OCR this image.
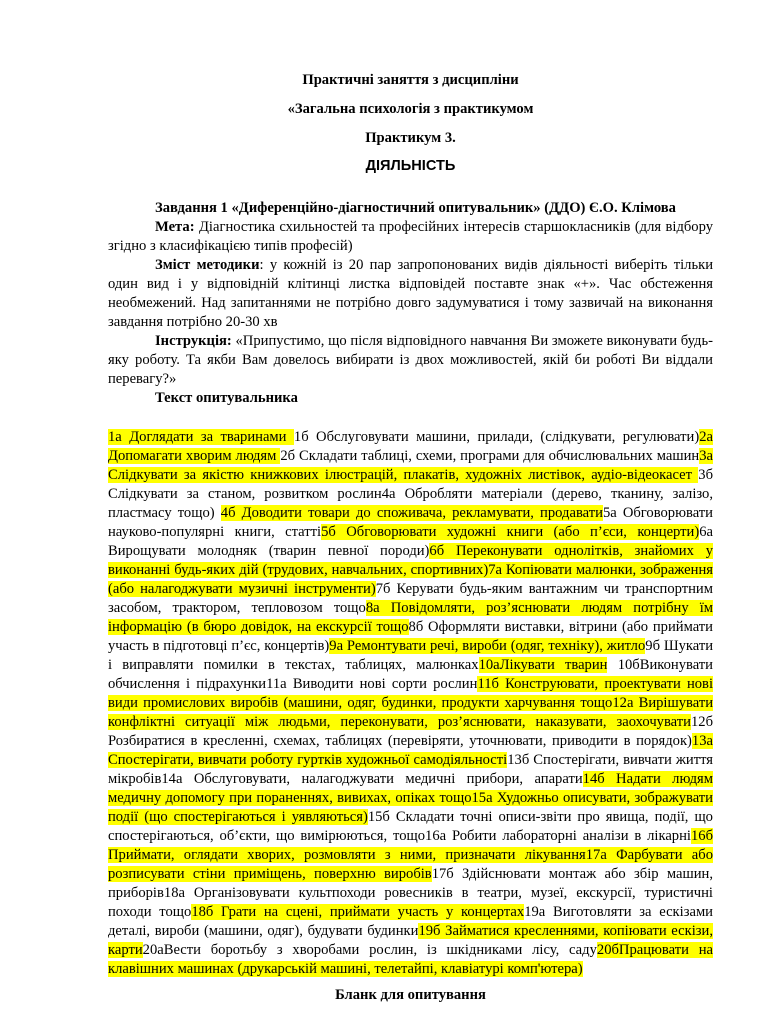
Практичні заняття з дисципліни
«Загальна психологія з практикумом
Практикум 3.
ДІЯЛЬНІСТЬ
Завдання 1 «Диференційно-діагностичний опитувальник» (ДДО) Є.О. Клімова
Мета: Діагностика схильностей та професійних інтересів старшокласників (для відбору згідно з класифікацією типів професій)
Зміст методики: у кожній із 20 пар запропонованих видів діяльності виберіть тільки один вид і у відповідній клітинці листка відповідей поставте знак «+». Час обстеження необмежений. Над запитаннями не потрібно довго задумуватися і тому зазвичай на виконання завдання потрібно 20-30 хв
Інструкція: «Припустимо, що після відповідного навчання Ви зможете виконувати будь-яку роботу. Та якби Вам довелось вибирати із двох можливостей, якій би роботі Ви віддали перевагу?»
Текст опитувальника
1а Доглядати за тваринами 1б Обслуговувати машини, прилади, (слідкувати, регулювати)2а Допомагати хворим людям 2б Складати таблиці, схеми, програми для обчислювальних машин3а Слідкувати за якістю книжкових ілюстрацій, плакатів, художніх листівок, аудіо-відеокасет 3б Слідкувати за станом, розвитком рослин4а Обробляти матеріали (дерево, тканину, залізо, пластмасу тощо) 4б Доводити товари до споживача, рекламувати, продавати5а Обговорювати науково-популярні книги, статті5б Обговорювати художні книги (або п’єси, концерти)6а Вирощувати молодняк (тварин певної породи)6б Переконувати однолітків, знайомих у виконанні будь-яких дій (трудових, навчальних, спортивних)7а Копіювати малюнки, зображення (або налагоджувати музичні інструменти)7б Керувати будь-яким вантажним чи транспортним засобом, трактором, тепловозом тощо8а Повідомляти, роз’яснювати людям потрібну їм інформацію (в бюро довідок, на екскурсії тощо8б Оформляти виставки, вітрини (або приймати участь в підготовці п’єс, концертів)9а Ремонтувати речі, вироби (одяг, техніку), житло9б Шукати і виправляти помилки в текстах, таблицях, малюнках10аЛікувати тварин 10бВиконувати обчислення і підрахунки11а Виводити нові сорти рослин11б Конструювати, проектувати нові види промислових виробів (машини, одяг, будинки, продукти харчування тощо12а Вирішувати конфліктні ситуації між людьми, переконувати, роз’яснювати, наказувати, заохочувати12б Розбиратися в кресленні, схемах, таблицях (перевіряти, уточнювати, приводити в порядок)13а Спостерігати, вивчати роботу гуртків художньої самодіяльності13б Спостерігати, вивчати життя мікробів14а Обслуговувати, налагоджувати медичні прибори, апарати14б Надати людям медичну допомогу при пораненнях, вивихах, опіках тощо15а Художньо описувати, зображувати події (що спостерігаються і уявляються)15б Складати точні описи-звіти про явища, події, що спостерігаються, об’єкти, що вимірюються, тощо16а Робити лабораторні аналізи в лікарні16б Приймати, оглядати хворих, розмовляти з ними, призначати лікування17а Фарбувати або розписувати стіни приміщень, поверхню виробів17б Здійснювати монтаж або збір машин, приборів18а Організовувати культпоходи ровесників в театри, музеї, екскурсії, туристичні походи тощо18б Грати на сцені, приймати участь у концертах19а Виготовляти за ескізами деталі, вироби (машини, одяг), будувати будинки19б Займатися кресленнями, копіювати ескізи, карти20аВести боротьбу з хворобами рослин, із шкідниками лісу, саду20бПрацювати на клавішних машинах (друкарській машині, телетайпі, клавіатурі комп'ютера)
Бланк для опитування
